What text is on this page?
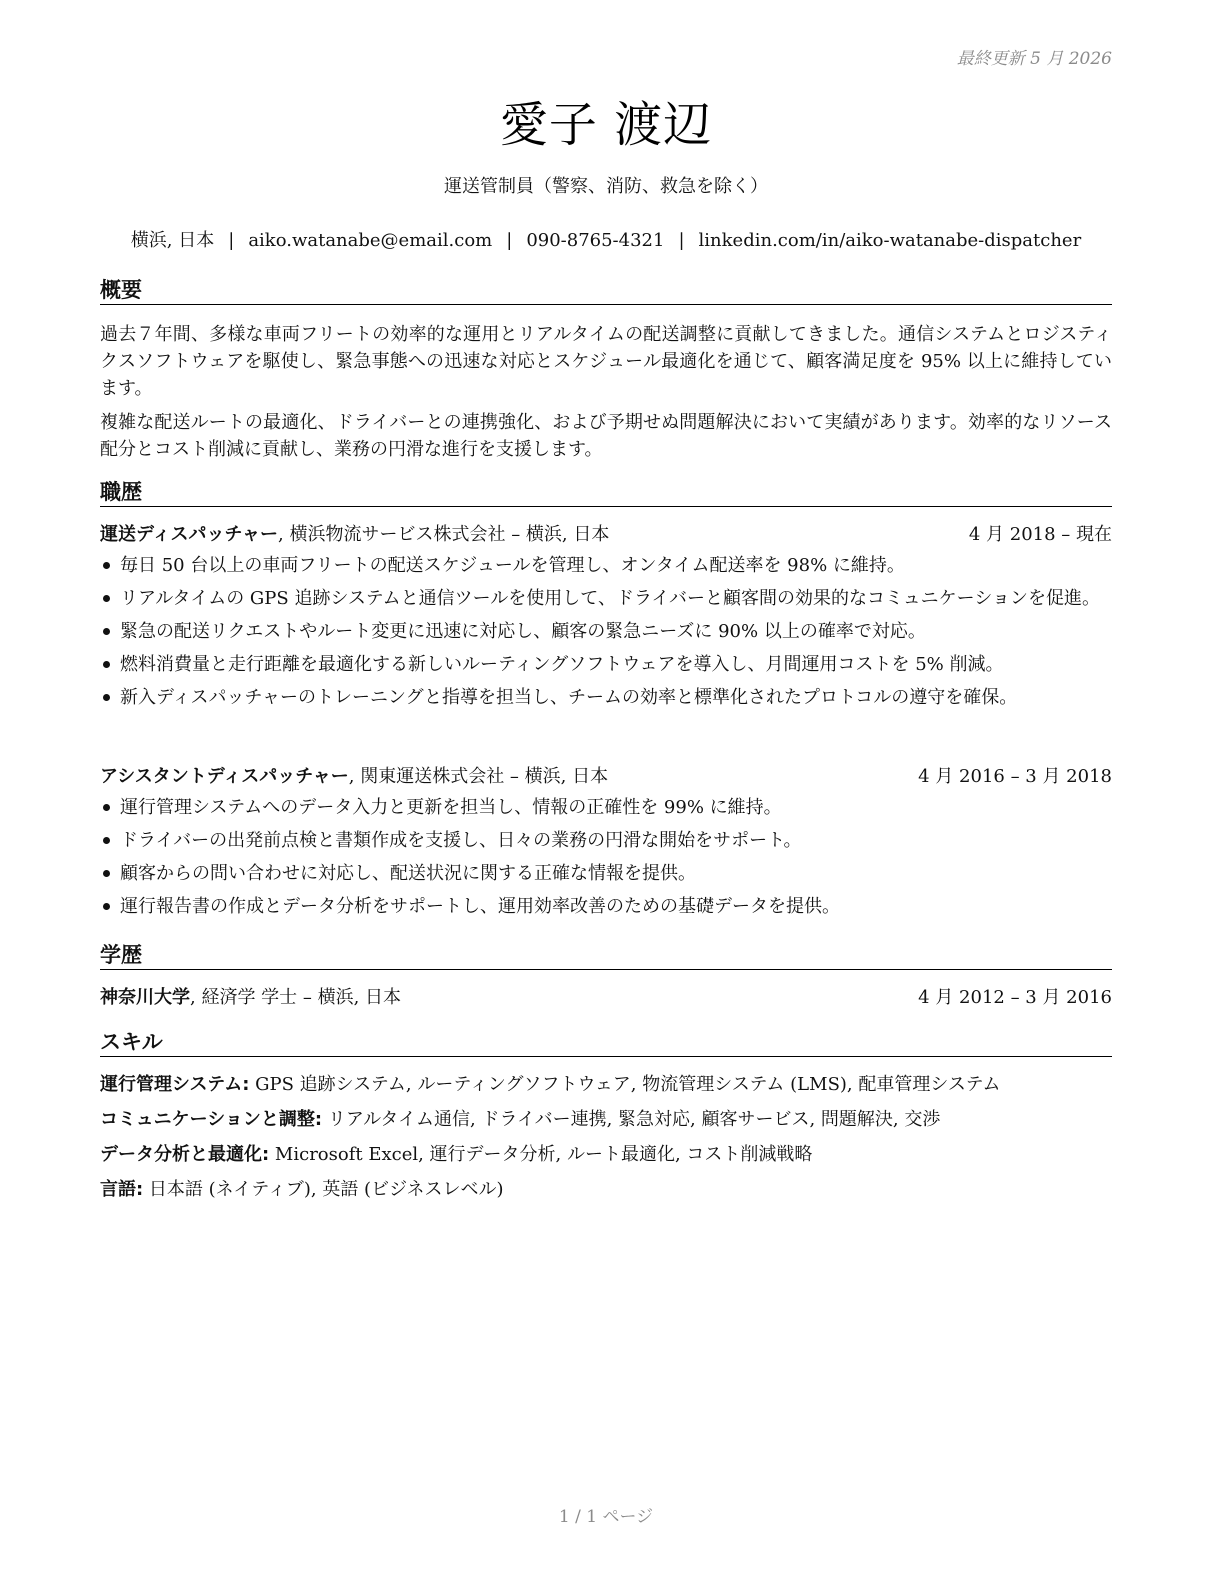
最終更新 5 月 2026
愛子 渡辺
運送管制員（警察、消防、救急を除く）
横浜, 日本 | aiko.watanabe@email.com | 090-8765-4321 | linkedin.com/in/aiko-watanabe-dispatcher
概要
過去７年間、多様な車両フリートの効率的な運用とリアルタイムの配送調整に貢献してきました。通信システムとロジスティクスソフトウェアを駆使し、緊急事態への迅速な対応とスケジュール最適化を通じて、顧客満足度を 95% 以上に維持しています。
複雑な配送ルートの最適化、ドライバーとの連携強化、および予期せぬ問題解決において実績があります。効率的なリソース配分とコスト削減に貢献し、業務の円滑な進行を支援します。
職歴
運送ディスパッチャー, 横浜物流サービス株式会社 – 横浜, 日本	4 月 2018 – 現在
毎日 50 台以上の車両フリートの配送スケジュールを管理し、オンタイム配送率を 98% に維持。
リアルタイムの GPS 追跡システムと通信ツールを使用して、ドライバーと顧客間の効果的なコミュニケーションを促進。
緊急の配送リクエストやルート変更に迅速に対応し、顧客の緊急ニーズに 90% 以上の確率で対応。
燃料消費量と走行距離を最適化する新しいルーティングソフトウェアを導入し、月間運用コストを 5% 削減。
新入ディスパッチャーのトレーニングと指導を担当し、チームの効率と標準化されたプロトコルの遵守を確保。
アシスタントディスパッチャー, 関東運送株式会社 – 横浜, 日本	4 月 2016 – 3 月 2018
運行管理システムへのデータ入力と更新を担当し、情報の正確性を 99% に維持。
ドライバーの出発前点検と書類作成を支援し、日々の業務の円滑な開始をサポート。
顧客からの問い合わせに対応し、配送状況に関する正確な情報を提供。
運行報告書の作成とデータ分析をサポートし、運用効率改善のための基礎データを提供。
学歴
神奈川大学, 経済学 学士 – 横浜, 日本	4 月 2012 – 3 月 2016
スキル
運行管理システム: GPS 追跡システム, ルーティングソフトウェア, 物流管理システム (LMS), 配車管理システム
コミュニケーションと調整: リアルタイム通信, ドライバー連携, 緊急対応, 顧客サービス, 問題解決, 交渉
データ分析と最適化: Microsoft Excel, 運行データ分析, ルート最適化, コスト削減戦略
言語: 日本語 (ネイティブ), 英語 (ビジネスレベル)
1 / 1 ページ
